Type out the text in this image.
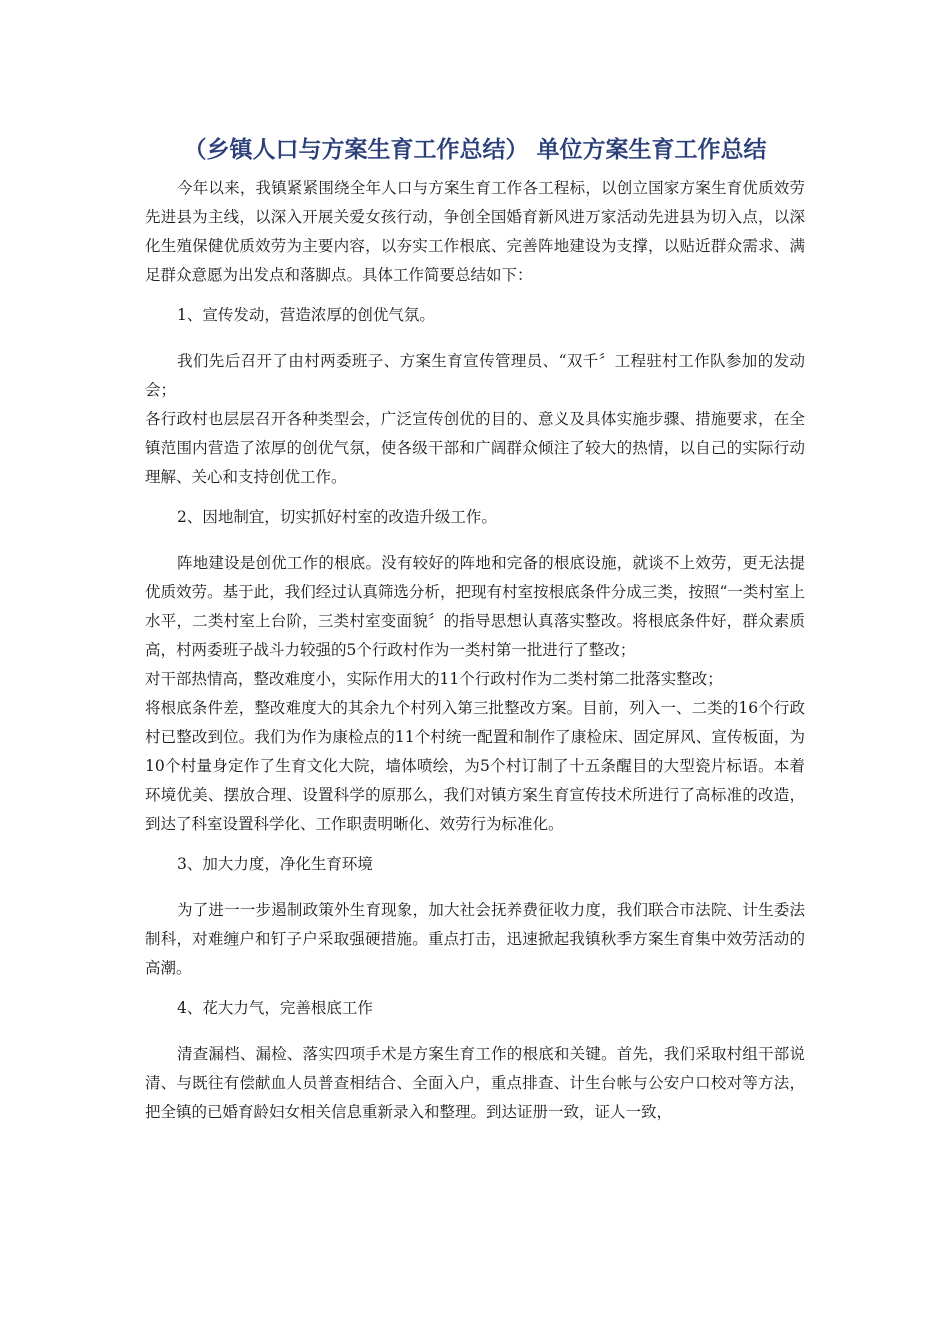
（乡镇人口与方案生育工作总结） 单位方案生育工作总结

今年以来，我镇紧紧围绕全年人口与方案生育工作各工程标，以创立国家方案生育优质效劳先进县为主线，以深入开展关爱女孩行动，争创全国婚育新风进万家活动先进县为切入点，以深化生殖保健优质效劳为主要内容，以夯实工作根底、完善阵地建设为支撑，以贴近群众需求、满足群众意愿为出发点和落脚点。具体工作简要总结如下：

1、宣传发动，营造浓厚的创优气氛。

我们先后召开了由村两委班子、方案生育宣传管理员、“双千〞工程驻村工作队参加的发动会；

各行政村也层层召开各种类型会，广泛宣传创优的目的、意义及具体实施步骤、措施要求，在全镇范围内营造了浓厚的创优气氛，使各级干部和广阔群众倾注了较大的热情，以自己的实际行动理解、关心和支持创优工作。

2、因地制宜，切实抓好村室的改造升级工作。

阵地建设是创优工作的根底。没有较好的阵地和完备的根底设施，就谈不上效劳，更无法提优质效劳。基于此，我们经过认真筛选分析，把现有村室按根底条件分成三类，按照“一类村室上水平，二类村室上台阶，三类村室变面貌〞的指导思想认真落实整改。将根底条件好，群众素质高，村两委班子战斗力较强的5个行政村作为一类村第一批进行了整改；

对干部热情高，整改难度小，实际作用大的11个行政村作为二类村第二批落实整改；

将根底条件差，整改难度大的其余九个村列入第三批整改方案。目前，列入一、二类的16个行政村已整改到位。我们为作为康检点的11个村统一配置和制作了康检床、固定屏风、宣传板面，为10个村量身定作了生育文化大院，墙体喷绘，为5个村订制了十五条醒目的大型瓷片标语。本着环境优美、摆放合理、设置科学的原那么，我们对镇方案生育宣传技术所进行了高标准的改造，到达了科室设置科学化、工作职责明晰化、效劳行为标准化。

3、加大力度，净化生育环境

为了进一一步遏制政策外生育现象，加大社会抚养费征收力度，我们联合市法院、计生委法制科，对难缠户和钉子户采取强硬措施。重点打击，迅速掀起我镇秋季方案生育集中效劳活动的高潮。

4、花大力气，完善根底工作

清查漏档、漏检、落实四项手术是方案生育工作的根底和关键。首先，我们采取村组干部说清、与既往有偿献血人员普查相结合、全面入户，重点排查、计生台帐与公安户口校对等方法，把全镇的已婚育龄妇女相关信息重新录入和整理。到达证册一致，证人一致，
